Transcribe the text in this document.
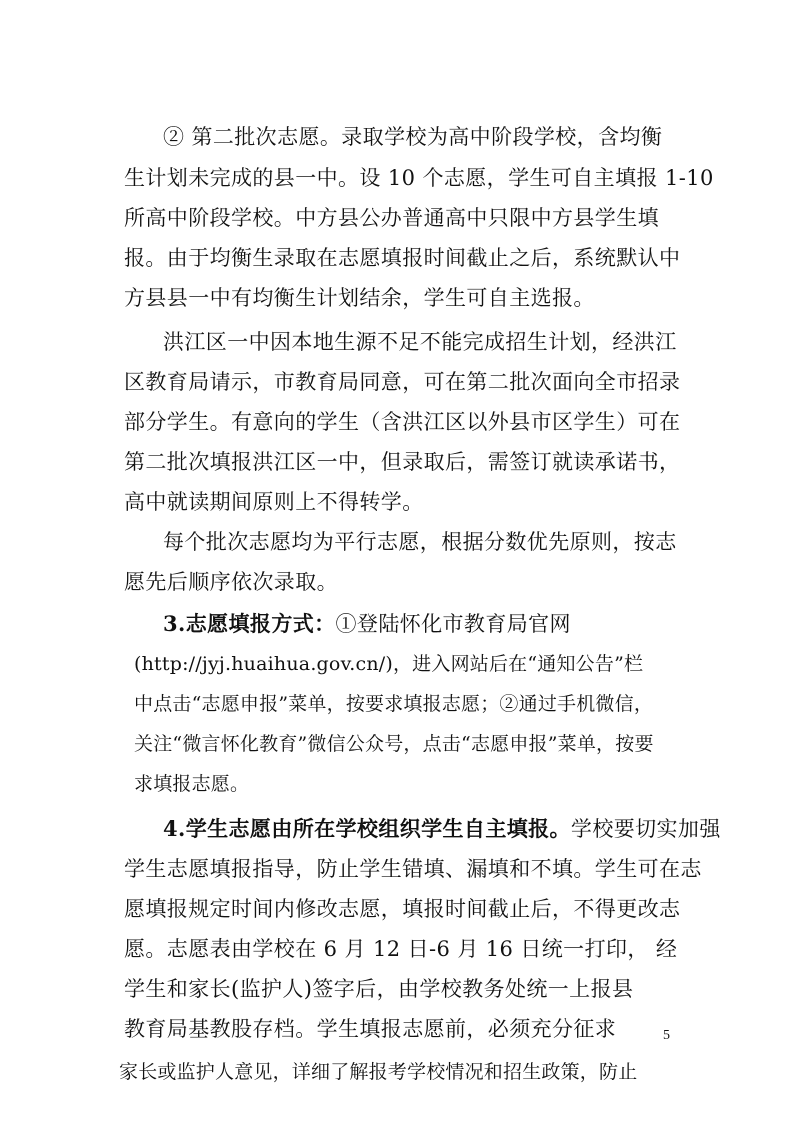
② 第二批次志愿。录取学校为高中阶段学校，含均衡
生计划未完成的县一中。设 10 个志愿，学生可自主填报 1-10
所高中阶段学校。中方县公办普通高中只限中方县学生填
报。由于均衡生录取在志愿填报时间截止之后，系统默认中
方县县一中有均衡生计划结余，学生可自主选报。
洪江区一中因本地生源不足不能完成招生计划，经洪江
区教育局请示，市教育局同意，可在第二批次面向全市招录
部分学生。有意向的学生（含洪江区以外县市区学生）可在
第二批次填报洪江区一中，但录取后，需签订就读承诺书，
高中就读期间原则上不得转学。
每个批次志愿均为平行志愿，根据分数优先原则，按志
愿先后顺序依次录取。
3.志愿填报方式：①登陆怀化市教育局官网
(http://jyj.huaihua.gov.cn/)，进入网站后在“通知公告”栏
中点击“志愿申报”菜单，按要求填报志愿；②通过手机微信，
关注“微言怀化教育”微信公众号，点击“志愿申报”菜单，按要
求填报志愿。
4.学生志愿由所在学校组织学生自主填报。学校要切实加强
学生志愿填报指导，防止学生错填、漏填和不填。学生可在志
愿填报规定时间内修改志愿，填报时间截止后，不得更改志
愿。志愿表由学校在 6 月 12 日-6 月 16 日统一打印， 经
学生和家长(监护人)签字后，由学校教务处统一上报县
教育局基教股存档。学生填报志愿前，必须充分征求
家长或监护人意见，详细了解报考学校情况和招生政策，防止
5
